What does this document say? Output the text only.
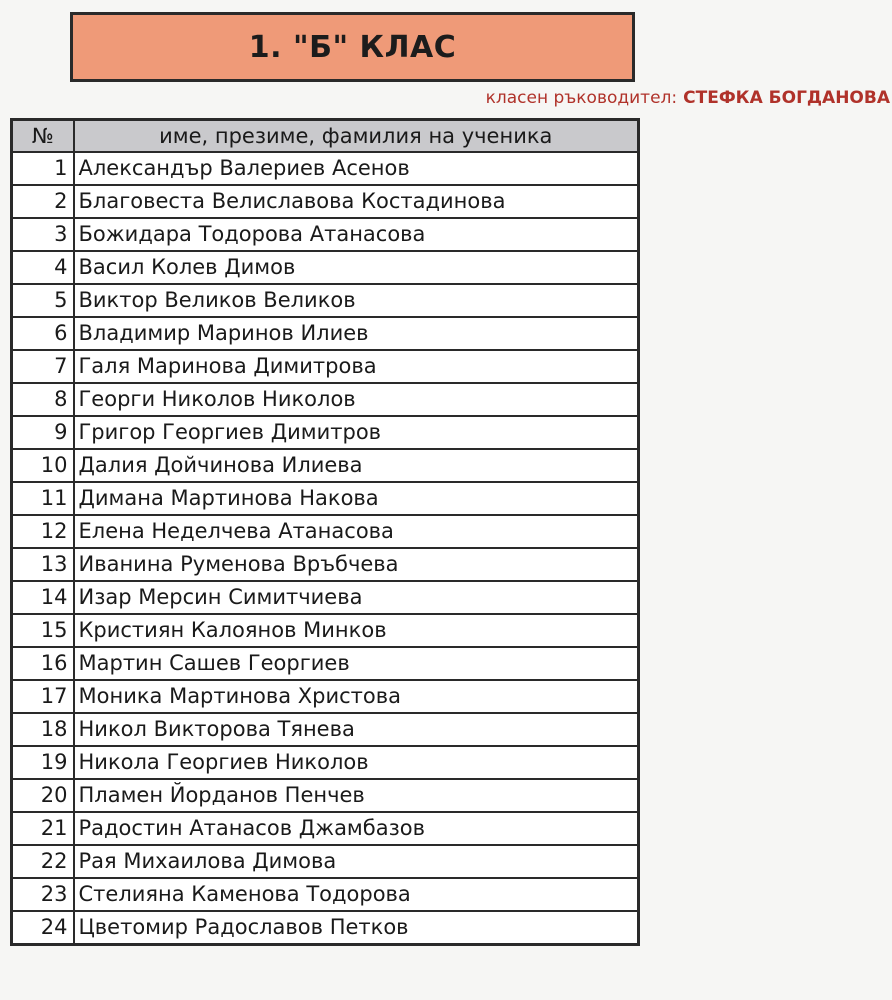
1. "Б" КЛАС
класен ръководител: СТЕФКА БОГДАНОВА
№	име, презиме, фамилия на ученика
1	Александър Валериев Асенов
2	Благовеста Велиславова Костадинова
3	Божидара Тодорова Атанасова
4	Васил Колев Димов
5	Виктор Великов Великов
6	Владимир Маринов Илиев
7	Галя Маринова Димитрова
8	Георги Николов Николов
9	Григор Георгиев Димитров
10	Далия Дойчинова Илиева
11	Димана Мартинова Накова
12	Елена Неделчева Атанасова
13	Иванина Руменова Връбчева
14	Изар Мерсин Симитчиева
15	Кристиян Калоянов Минков
16	Мартин Сашев Георгиев
17	Моника Мартинова Христова
18	Никол Викторова Тянева
19	Никола Георгиев Николов
20	Пламен Йорданов Пенчев
21	Радостин Атанасов Джамбазов
22	Рая Михаилова Димова
23	Стелияна Каменова Тодорова
24	Цветомир Радославов Петков
